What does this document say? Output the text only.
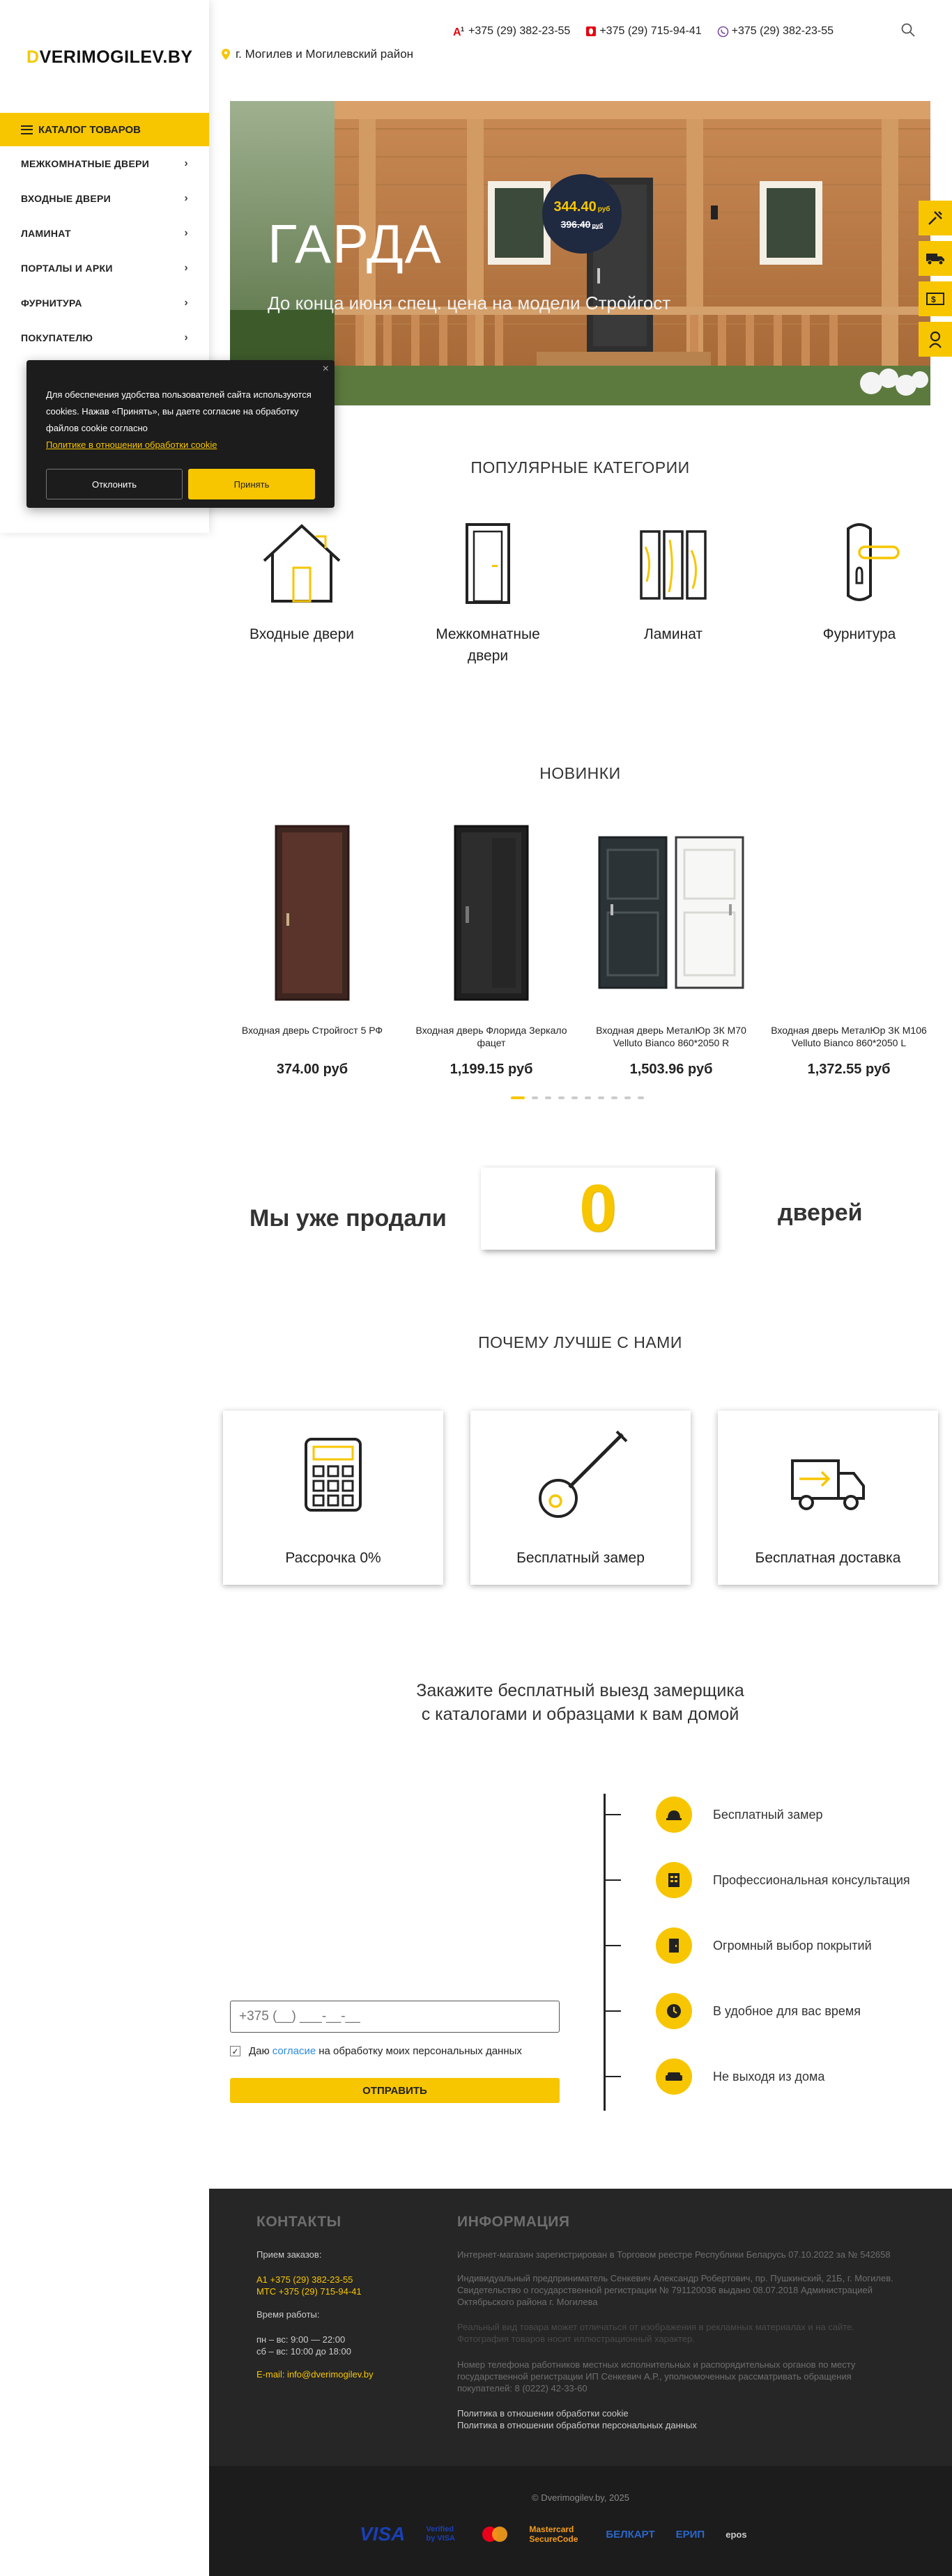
DVERIMOGILEV.BY
КАТАЛОГ ТОВАРОВ
МЕЖКОМНАТНЫЕ ДВЕРИ	›
ВХОДНЫЕ ДВЕРИ	›
ЛАМИНАТ	›
ПОРТАЛЫ И АРКИ	›
ФУРНИТУРА	›
ПОКУПАТЕЛЮ	›
×

Для обеспечения удобства пользователей сайта используются cookies. Нажав «Принять», вы даете согласие на обработку файлов cookie согласно

Политике в отношении обработки cookie
Отклонить	Принять
A 1 +375 (29) 382-23-55	+375 (29) 715-94-41	+375 (29) 382-23-55
г. Могилев и Могилевский район
ГАРДА
До конца июня спец. цена на модели Стройгост
344.40 руб
396.40 руб
$
ПОПУЛЯРНЫЕ КАТЕГОРИИ
Входные двери	Межкомнатные двери
Ламинат	Фурнитура
НОВИНКИ
Входная дверь Стройгост 5 РФ
374.00 руб
Входная дверь Флорида Зеркало фацет
1,199.15 руб
Входная дверь МеталЮр ЗК М70 Velluto Bianco 860*2050 R
1,503.96 руб
Входная дверь МеталЮр ЗК М106 Velluto Bianco 860*2050 L
1,372.55 руб
Мы уже продали 0	дверей
ПОЧЕМУ ЛУЧШЕ С НАМИ
Рассрочка 0%	Бесплатный замер	Бесплатная доставка
Закажите бесплатный выезд замерщика
с каталогами и образцами к вам домой
Бесплатный замер
Профессиональная консультация
Огромный выбор покрытий
В удобное для вас время
Не выходя из дома
+375 (__) ___-__-__
✓ Даю согласие на обработку моих персональных данных
ОТПРАВИТЬ
КОНТАКТЫ
Прием заказов:
А1 +375 (29) 382-23-55
МТС +375 (29) 715-94-41
Время работы:
пн – вс: 9:00 — 22:00
сб – вс: 10:00 до 18:00
E-mail: info@dverimogilev.by
ИНФОРМАЦИЯ
Интернет-магазин зарегистрирован в Торговом реестре Республики Беларусь 07.10.2022 за № 542658
Индивидуальный предприниматель Сенкевич Александр Робертович, пр. Пушкинский, 21Б, г. Могилев. Свидетельство о государственной регистрации № 791120036 выдано 08.07.2018 Администрацией Октябрьского района г. Могилева
Реальный вид товара может отличаться от изображения в рекламных материалах и на сайте. Фотография товаров носит иллюстрационный характер.
Номер телефона работников местных исполнительных и распорядительных органов по месту государственной регистрации ИП Сенкевич А.Р., уполномоченных рассматривать обращения покупателей: 8 (0222) 42-33-60
Политика в отношении обработки cookie
Политика в отношении обработки персональных данных
© Dverimogilev.by, 2025
VISA	Verified by VISA
Mastercard SecureCode	БЕЛКАРТ ЕРИП epos
